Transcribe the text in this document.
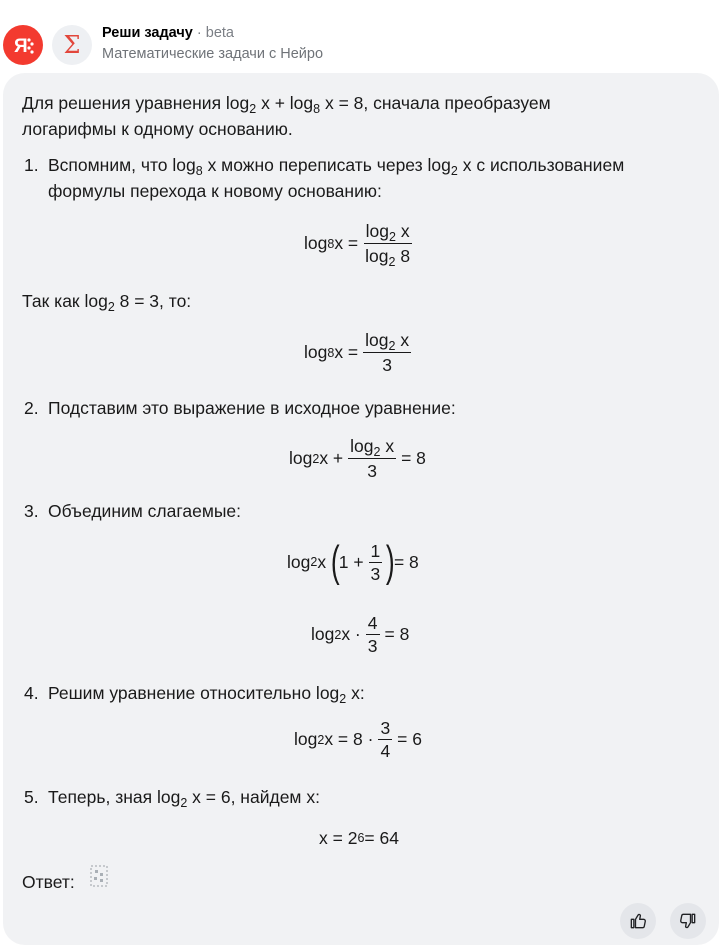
Я Σ Реши задачу · beta
Математические задачи с Нейро
Для решения уравнения $\log_2 x + \log_8 x = 8$, сначала преобразуем
логарифмы к одному основанию.
1. Вспомним, что $\log_8 x$ можно переписать через $\log_2 x$ с использованием
формулы перехода к новому основанию:
log 8 $x = \frac{\log_2 x}{\log_2 8}$
Так как $\log_2 8 = 3$, то:
log 8 $x = \frac{\log_2 x}{3}$
2. Подставим это выражение в исходное уравнение:
log 2 $x + \frac{\log_2 x}{3} = 8$
3. Объединим слагаемые:
log 2 x (
$1 + \frac{1}{3}$ )
= 8
log 2 $x \cdot \frac{4}{3} = 8$
4. Решим уравнение относительно $\log_2 x$:
log 2 $x = 8 \cdot \frac{3}{4} = 6$
5. Теперь, зная $\log_2 x = 6$, найдем x:
x = 2 6 = 64
Ответ:
